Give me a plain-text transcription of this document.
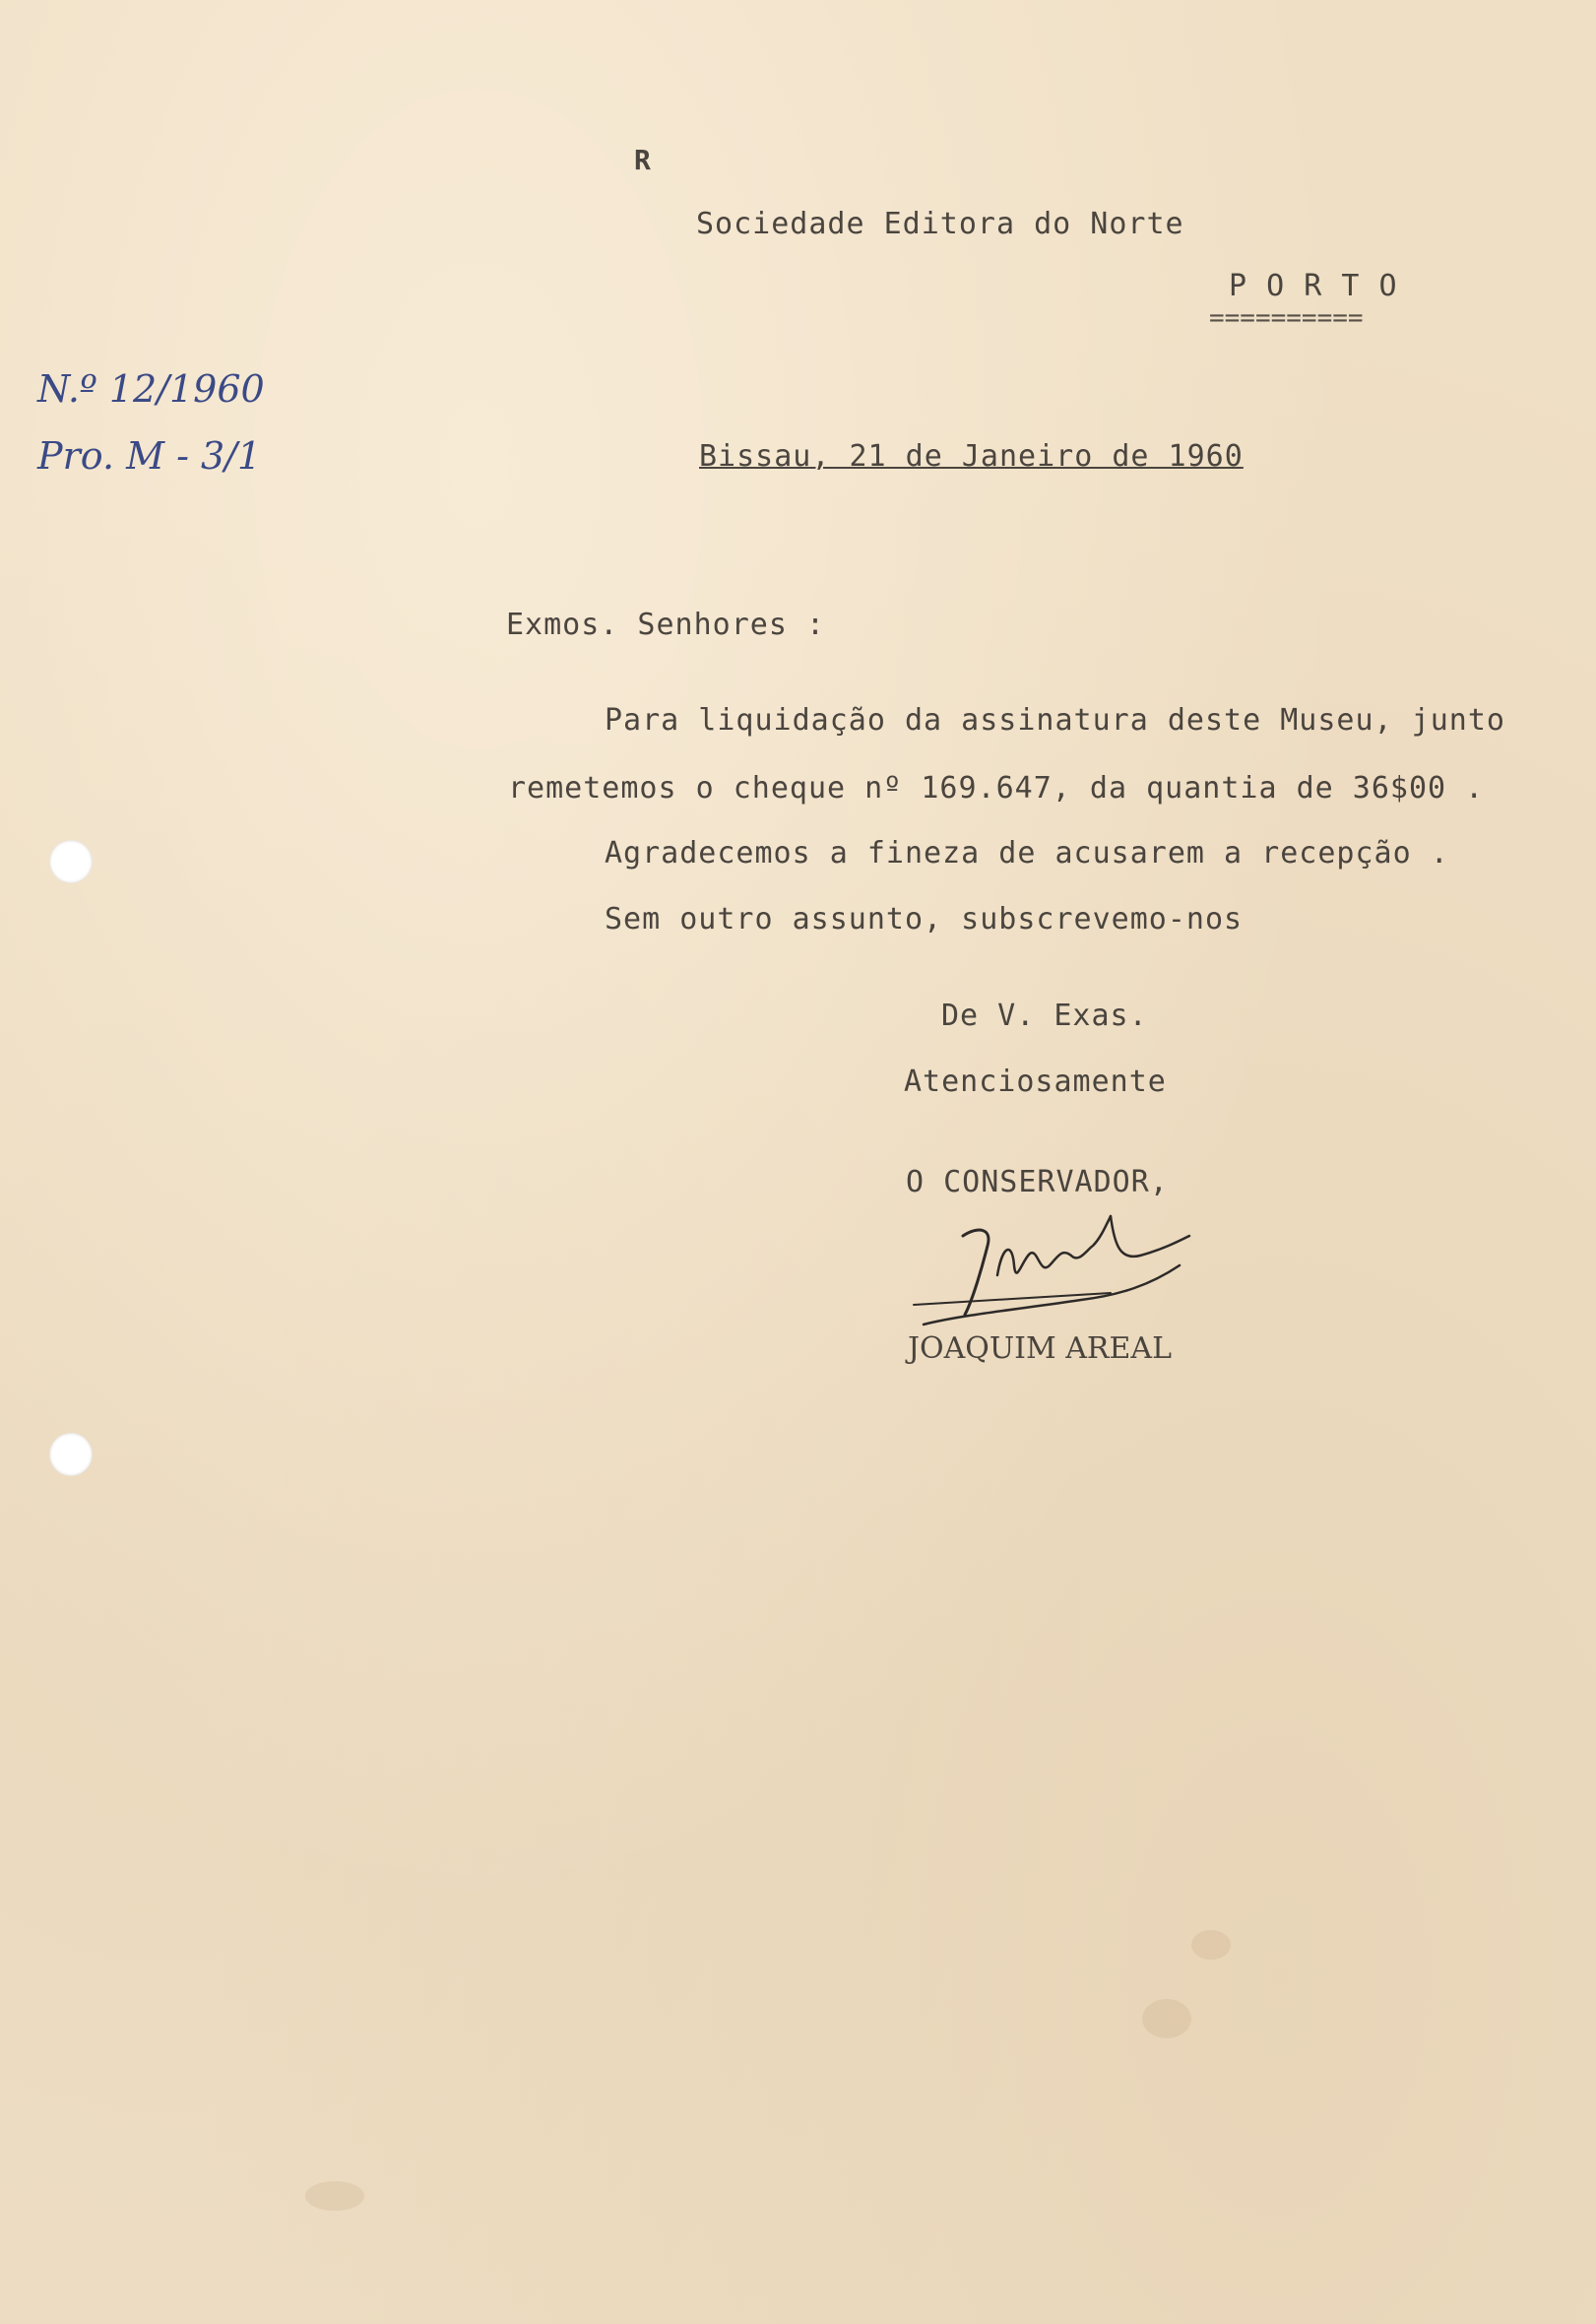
R
Sociedade Editora do Norte
P O R T O
==========
N.º 12/1960
Pro. M - 3/1	Bissau, 21 de Janeiro de 1960
Exmos. Senhores :
Para liquidação da assinatura deste Museu, junto
remetemos o cheque nº 169.647, da quantia de 36$00 .
Agradecemos a fineza de acusarem a recepção .
Sem outro assunto, subscrevemo-nos
De V. Exas.
Atenciosamente
O CONSERVADOR,
JOAQUIM AREAL
